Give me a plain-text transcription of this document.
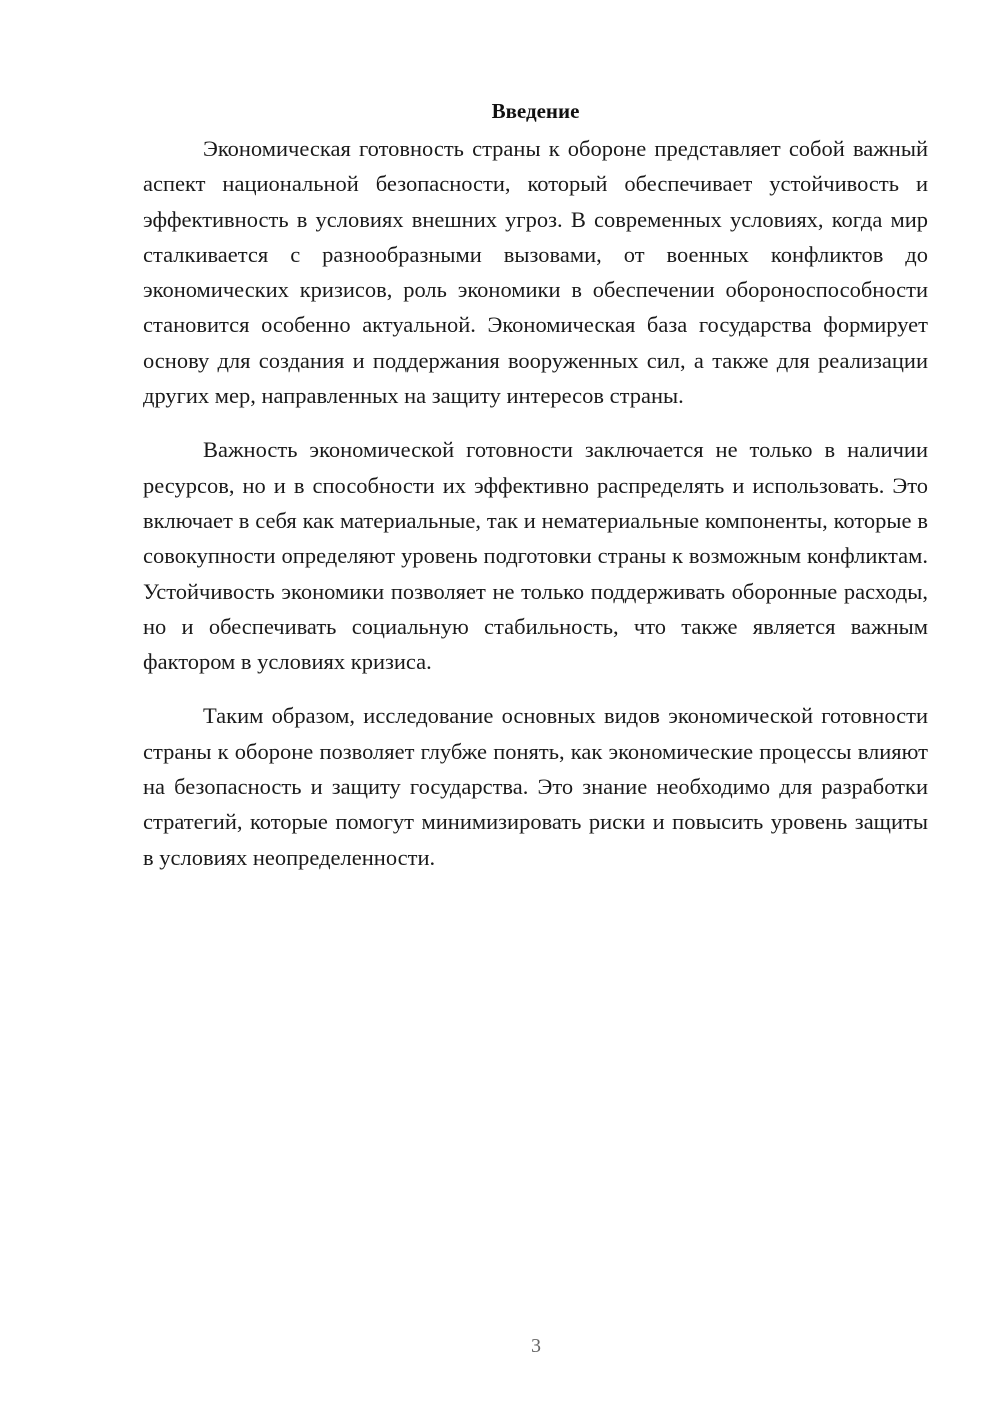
Введение

Экономическая готовность страны к обороне представляет собой важный аспект национальной безопасности, который обеспечивает устойчивость и эффективность в условиях внешних угроз. В современных условиях, когда мир сталкивается с разнообразными вызовами, от военных конфликтов до экономических кризисов, роль экономики в обеспечении обороноспособности становится особенно актуальной. Экономическая база государства формирует основу для создания и поддержания вооруженных сил, а также для реализации других мер, направленных на защиту интересов страны.

Важность экономической готовности заключается не только в наличии ресурсов, но и в способности их эффективно распределять и использовать. Это включает в себя как материальные, так и нематериальные компоненты, которые в совокупности определяют уровень подготовки страны к возможным конфликтам. Устойчивость экономики позволяет не только поддерживать оборонные расходы, но и обеспечивать социальную стабильность, что также является важным фактором в условиях кризиса.

Таким образом, исследование основных видов экономической готовности страны к обороне позволяет глубже понять, как экономические процессы влияют на безопасность и защиту государства. Это знание необходимо для разработки стратегий, которые помогут минимизировать риски и повысить уровень защиты в условиях неопределенности.

3
